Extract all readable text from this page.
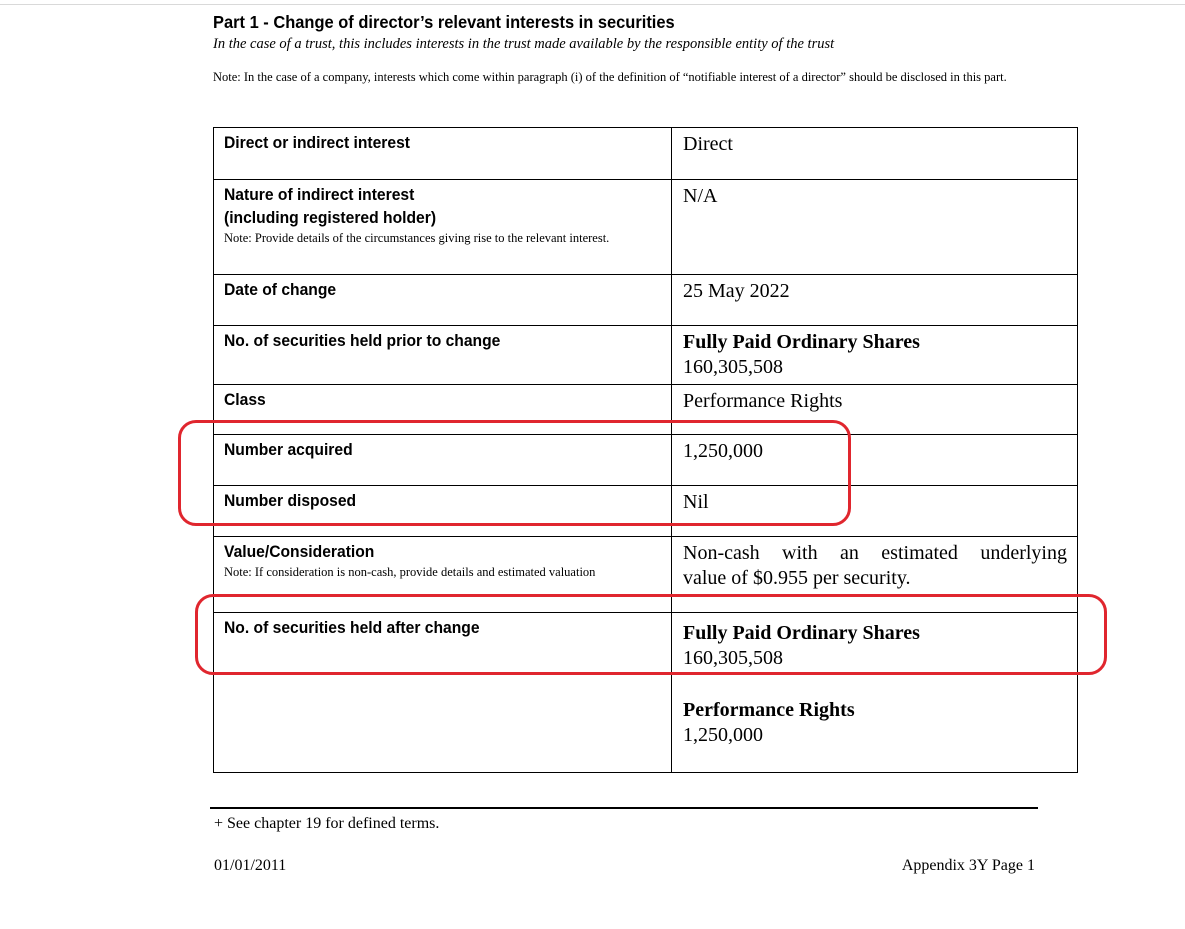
Part 1 - Change of director’s relevant interests in securities
In the case of a trust, this includes interests in the trust made available by the responsible entity of the trust
Note: In the case of a company, interests which come within paragraph (i) of the definition of “notifiable interest of a director” should be disclosed in this part.
Direct or indirect interest	Direct

Nature of indirect interest
(including registered holder)
Note: Provide details of the circumstances giving rise to the relevant interest.	N/A

Date of change	25 May 2022

No. of securities held prior to change	Fully Paid Ordinary Shares
160,305,508

Class	Performance Rights

Number acquired	1,250,000

Number disposed	Nil

Value/Consideration
Note: If consideration is non-cash, provide details and estimated valuation	Non-cash with an estimated underlying
value of $0.955 per security.

No. of securities held after change	Fully Paid Ordinary Shares
160,305,508
Performance Rights
1,250,000
+ See chapter 19 for defined terms.
01/01/2011	Appendix 3Y Page 1
